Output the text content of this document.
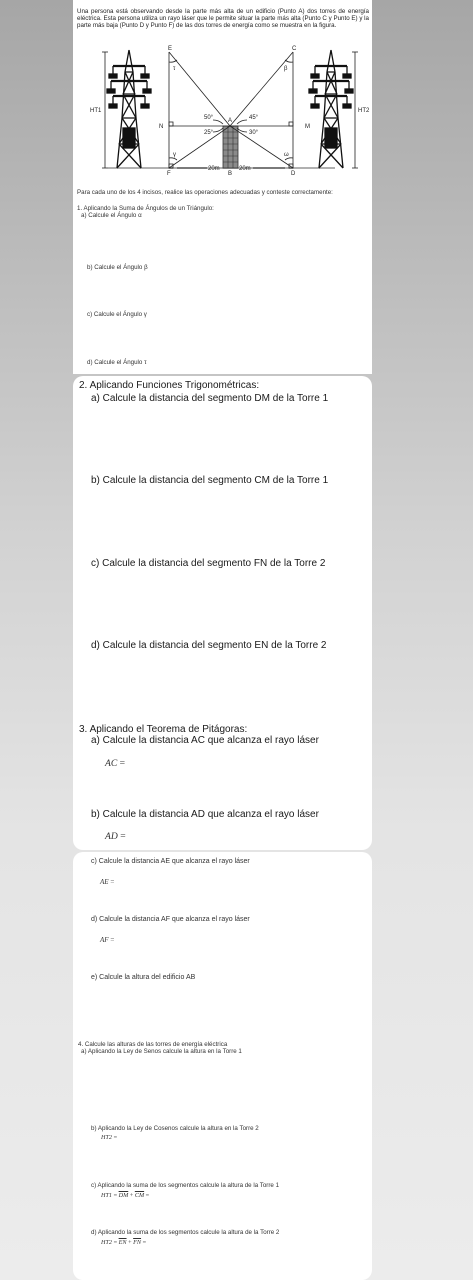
Una persona está observando desde la parte más alta de un edificio (Punto A) dos torres de energía eléctrica. Esta persona utiliza un rayo láser que le permite situar la parte más alta (Punto C y Punto E) y la parte más baja (Punto D y Punto F) de las dos torres de energía como se muestra en la figura.
HT1	HT2
E	C
A
N	M
F	B	D
τ	β
γ	ω
50°	45°
25°	30°
20m	20m
Para cada uno de los 4 incisos, realice las operaciones adecuadas y conteste correctamente:
1. Aplicando la Suma de Ángulos de un Triángulo:
a) Calcule el Ángulo α
b) Calcule el Ángulo β
c) Calcule el Ángulo γ
d) Calcule el Ángulo τ
2. Aplicando Funciones Trigonométricas:
a) Calcule la distancia del segmento DM de la Torre 1
b) Calcule la distancia del segmento CM de la Torre 1
c) Calcule la distancia del segmento FN de la Torre 2
d) Calcule la distancia del segmento EN de la Torre 2
3. Aplicando el Teorema de Pitágoras:
a) Calcule la distancia AC que alcanza el rayo láser
AC =
b) Calcule la distancia AD que alcanza el rayo láser
AD =
c) Calcule la distancia AE que alcanza el rayo láser
AE =
d) Calcule la distancia AF que alcanza el rayo láser
AF =
e) Calcule la altura del edificio AB
4. Calcule las alturas de las torres de energía eléctrica
a) Aplicando la Ley de Senos calcule la altura en la Torre 1
b) Aplicando la Ley de Cosenos calcule la altura en la Torre 2
HT2 =
c) Aplicando la suma de los segmentos calcule la altura de la Torre 1
$HT1 = \overline{DM} + \overline{CM}$ =
d) Aplicando la suma de los segmentos calcule la altura de la Torre 2
$HT2 = \overline{EN} + \overline{FN}$ =
